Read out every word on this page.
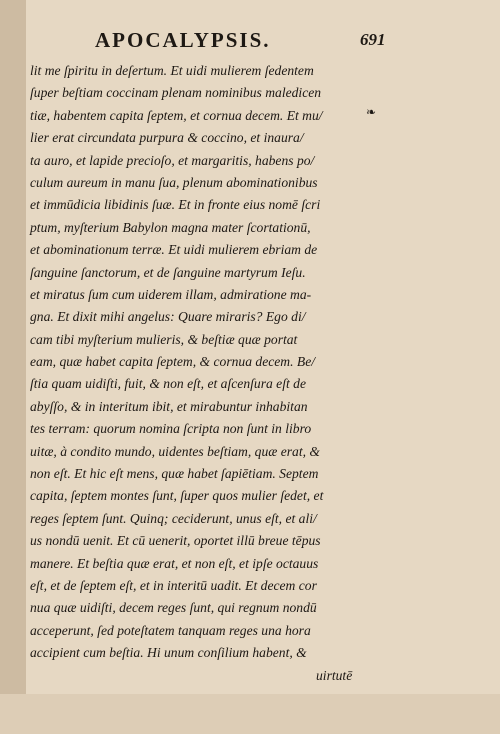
APOCALYPSIS.	691
❧
lit me ſpiritu in deſertum. Et uidi mulierem ſedentem
ſuper beſtiam coccinam plenam nominibus maledicen
tiæ, habentem capita ſeptem, et cornua decem. Et mu/
lier erat circundata purpura & coccino, et inaura/
ta auro, et lapide precioſo, et margaritis, habens po/
culum aureum in manu ſua, plenum abominationibus
et immūdicia libidinis ſuæ. Et in fronte eius nomē ſcri
ptum, myſterium Babylon magna mater ſcortationū,
et abominationum terræ. Et uidi mulierem ebriam de
ſanguine ſanctorum, et de ſanguine martyrum Ieſu.
et miratus ſum cum uiderem illam, admiratione ma-
gna. Et dixit mihi angelus: Quare miraris? Ego di/
cam tibi myſterium mulieris, & beſtiæ quæ portat
eam, quæ habet capita ſeptem, & cornua decem. Be/
ſtia quam uidiſti, fuit, & non eſt, et aſcenſura eſt de
abyſſo, & in interitum ibit, et mirabuntur inhabitan
tes terram: quorum nomina ſcripta non ſunt in libro
uitæ, à condito mundo, uidentes beſtiam, quæ erat, &
non eſt. Et hic eſt mens, quæ habet ſapiētiam. Septem
capita, ſeptem montes ſunt, ſuper quos mulier ſedet, et
reges ſeptem ſunt. Quinq; ceciderunt, unus eſt, et ali/
us nondū uenit. Et cū uenerit, oportet illū breue tēpus
manere. Et beſtia quæ erat, et non eſt, et ipſe octauus
eſt, et de ſeptem eſt, et in interitū uadit. Et decem cor
nua quæ uidiſti, decem reges ſunt, qui regnum nondū
acceperunt, ſed poteſtatem tanquam reges una hora
accipient cum beſtia. Hi unum conſilium habent, &
uirtutē
